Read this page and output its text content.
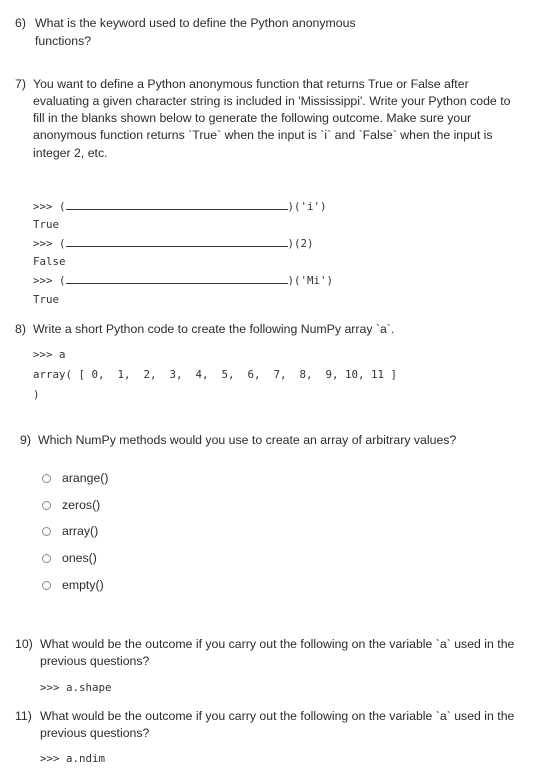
6) What is the keyword used to define the Python anonymous
functions?
7) You want to define a Python anonymous function that returns True or False after
evaluating a given character string is included in 'Mississippi'. Write your Python code to
fill in the blanks shown below to generate the following outcome. Make sure your
anonymous function returns `True` when the input is `i` and `False` when the input is
integer 2, etc.
>>> (	)('i')
True
>>> (	)(2)
False
>>> (	)('Mi')
True
8) Write a short Python code to create the following NumPy array `a`.
>>> a
array( [ 0,  1,  2,  3,  4,  5,  6,  7,  8,  9, 10, 11 ]
)
9) Which NumPy methods would you use to create an array of arbitrary values?
arange()
zeros()
array()
ones()
empty()
10) What would be the outcome if you carry out the following on the variable `a` used in the
previous questions?
>>> a.shape
11) What would be the outcome if you carry out the following on the variable `a` used in the
previous questions?
>>> a.ndim
